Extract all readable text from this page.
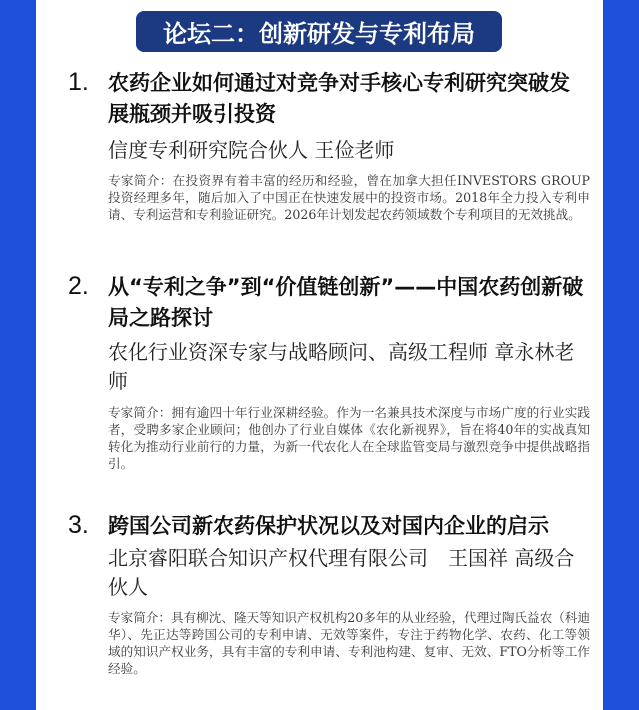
论坛二：创新研发与专利布局
1. 农药企业如何通过对竞争对手核心专利研究突破发展瓶颈并吸引投资
信度专利研究院合伙人 王俭老师
专家简介：在投资界有着丰富的经历和经验，曾在加拿大担任INVESTORS GROUP 投资经理多年，随后加入了中国正在快速发展中的投资市场。2018年全力投入专利申请、专利运营和专利验证研究。2026年计划发起农药领域数个专利项目的无效挑战。
2. 从“专利之争”到“价值链创新”——中国农药创新破局之路探讨
农化行业资深专家与战略顾问、高级工程师 章永林老师
专家简介：拥有逾四十年行业深耕经验。作为一名兼具技术深度与市场广度的行业实践者，受聘多家企业顾问；他创办了行业自媒体《农化新视界》，旨在将40年的实战真知转化为推动行业前行的力量，为新一代农化人在全球监管变局与激烈竞争中提供战略指引。
3. 跨国公司新农药保护状况以及对国内企业的启示
北京睿阳联合知识产权代理有限公司　王国祥 高级合伙人
专家简介：具有柳沈、隆天等知识产权机构20多年的从业经验，代理过陶氏益农（科迪华）、先正达等跨国公司的专利申请、无效等案件，专注于药物化学、农药、化工等领域的知识产权业务，具有丰富的专利申请、专利池构建、复审、无效、FTO分析等工作经验。
